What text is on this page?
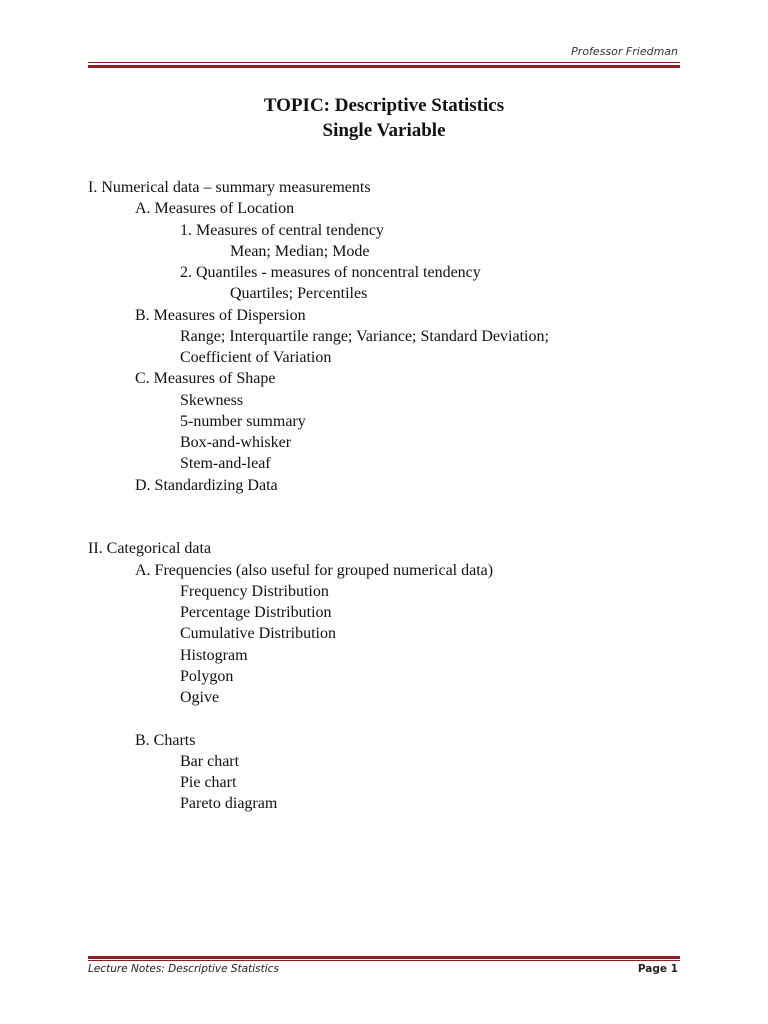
Professor Friedman
TOPIC: Descriptive Statistics
Single Variable
I. Numerical data – summary measurements
A. Measures of Location
1. Measures of central tendency
Mean; Median; Mode
2. Quantiles - measures of noncentral tendency
Quartiles; Percentiles
B. Measures of Dispersion
Range; Interquartile range; Variance; Standard Deviation;
Coefficient of Variation
C. Measures of Shape
Skewness
5-number summary
Box-and-whisker
Stem-and-leaf
D. Standardizing Data
II. Categorical data
A. Frequencies (also useful for grouped numerical data)
Frequency Distribution
Percentage Distribution
Cumulative Distribution
Histogram
Polygon
Ogive
B. Charts
Bar chart
Pie chart
Pareto diagram
Lecture Notes: Descriptive Statistics	Page 1
